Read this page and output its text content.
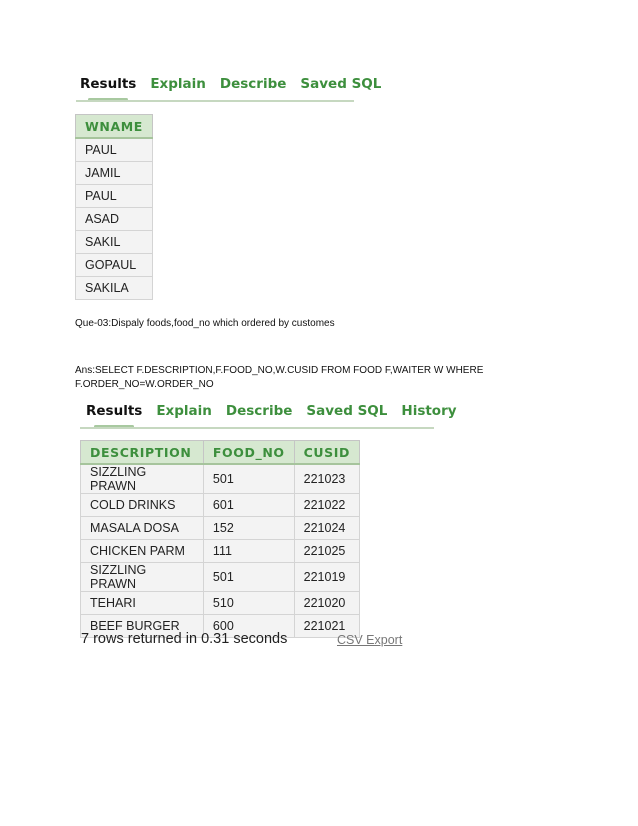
Results Explain Describe Saved SQL
WNAME
PAUL
JAMIL
PAUL
ASAD
SAKIL
GOPAUL
SAKILA
Que-03:Dispaly foods,food_no which ordered by customes
Ans:SELECT F.DESCRIPTION,F.FOOD_NO,W.CUSID FROM FOOD F,WAITER W WHERE
F.ORDER_NO=W.ORDER_NO
Results Explain Describe Saved SQL History
DESCRIPTION	FOOD_NO	CUSID
SIZZLING PRAWN	501	221023
COLD DRINKS	601	221022
MASALA DOSA	152	221024
CHICKEN PARM	111	221025
SIZZLING PRAWN	501	221019
TEHARI	510	221020
BEEF BURGER	600	221021
7 rows returned in 0.31 seconds	CSV Export
